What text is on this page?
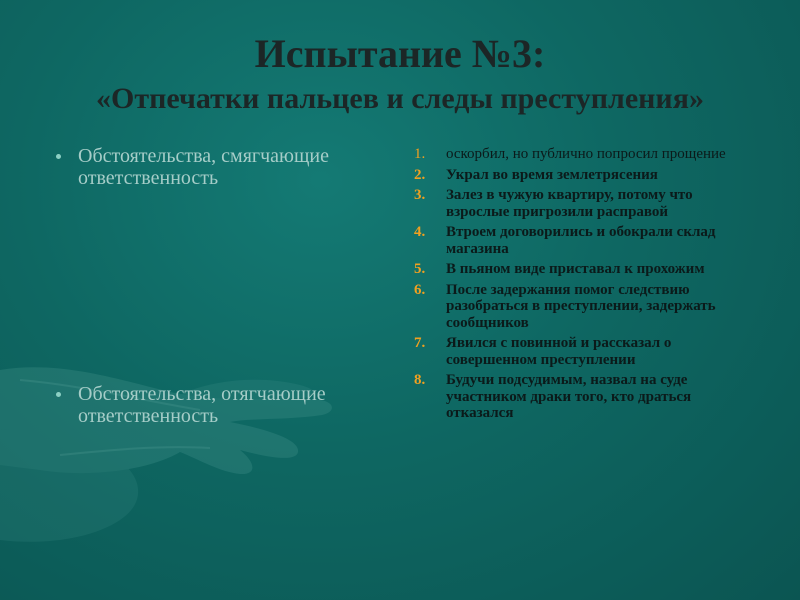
Испытание №3:
«Отпечатки пальцев и следы преступления»
Обстоятельства, смягчающие ответственность
Обстоятельства, отягчающие ответственность
1. оскорбил, но публично попросил прощение
2. Украл во время землетрясения
3. Залез в чужую квартиру, потому что взрослые пригрозили расправой
4. Втроем договорились и обокрали склад магазина
5. В пьяном виде приставал к прохожим
6. После задержания помог следствию разобраться в преступлении, задержать сообщников
7. Явился с повинной и рассказал о совершенном преступлении
8. Будучи подсудимым, назвал на суде участником драки того, кто драться отказался
